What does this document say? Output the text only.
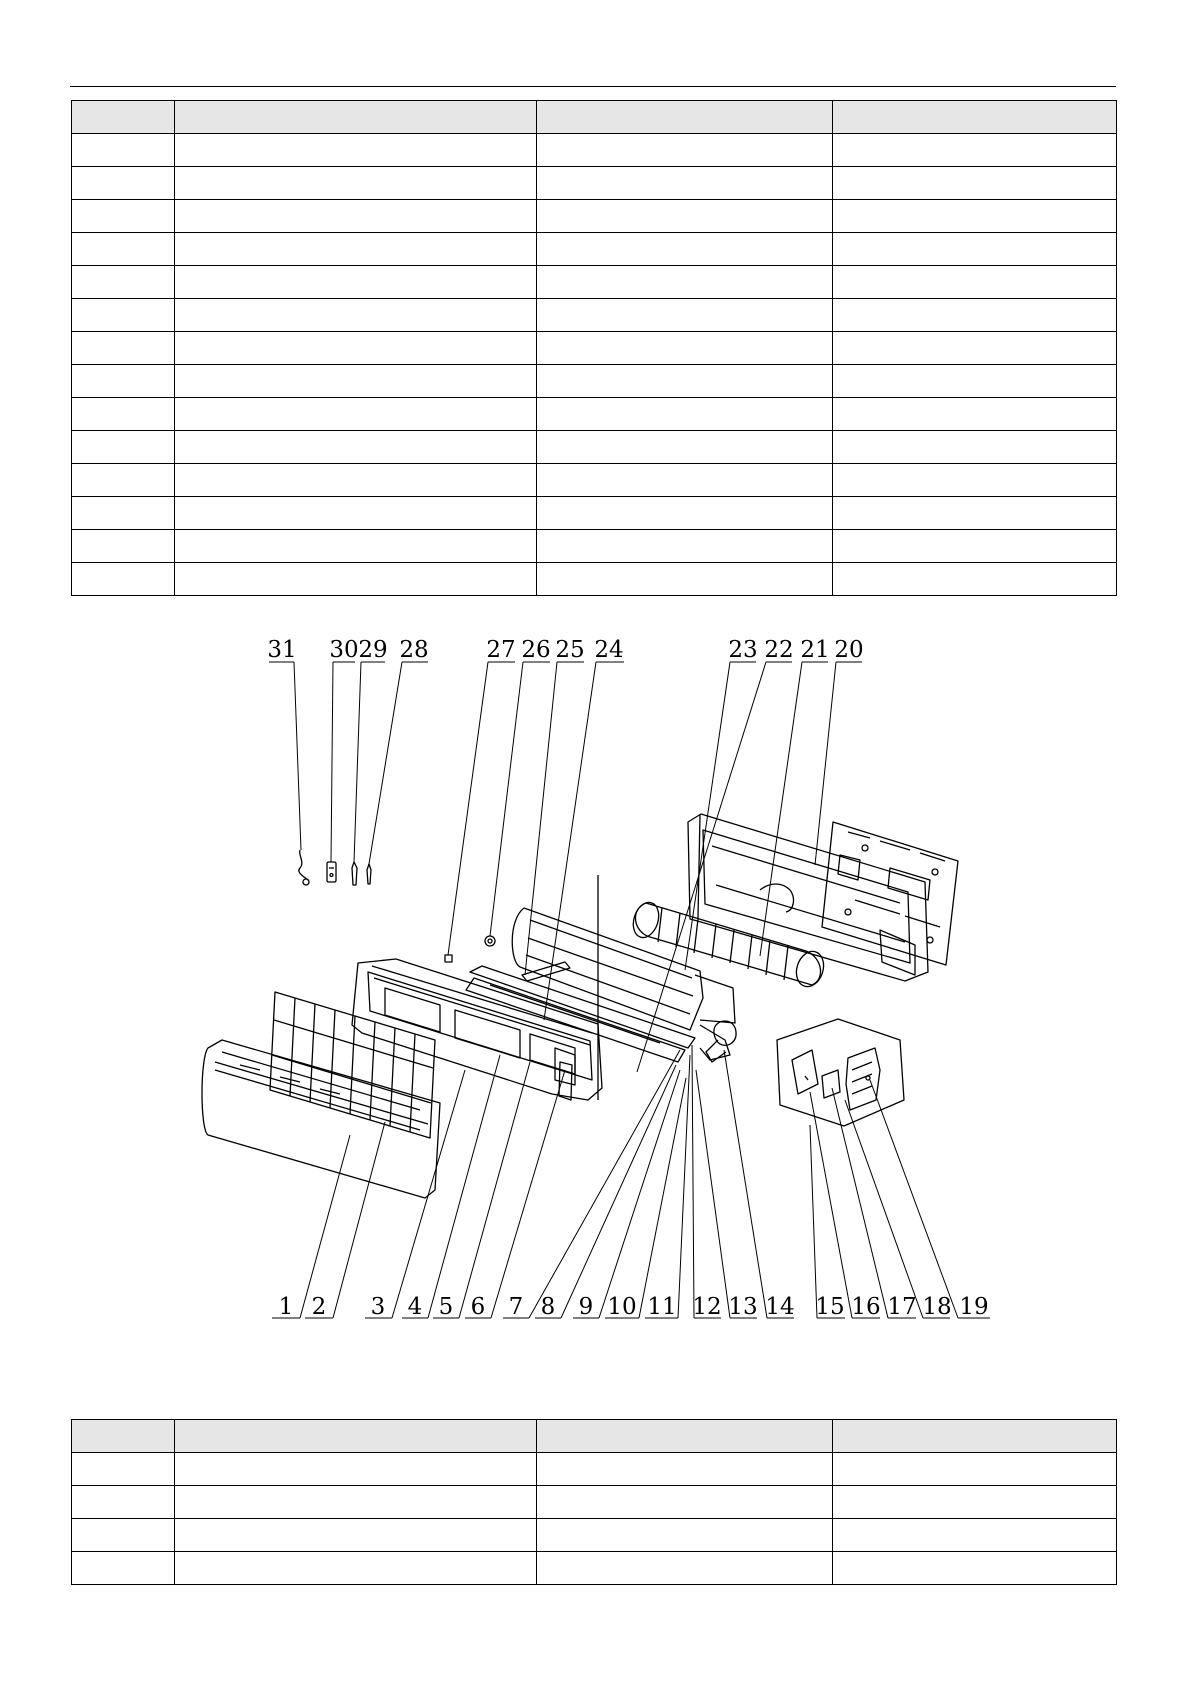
31 30 29 28	27 26 25 24	23 22 21 20
1 2 3 4 5 6 7 8 9 10 11 12 13 14 15 16 17 18 19
